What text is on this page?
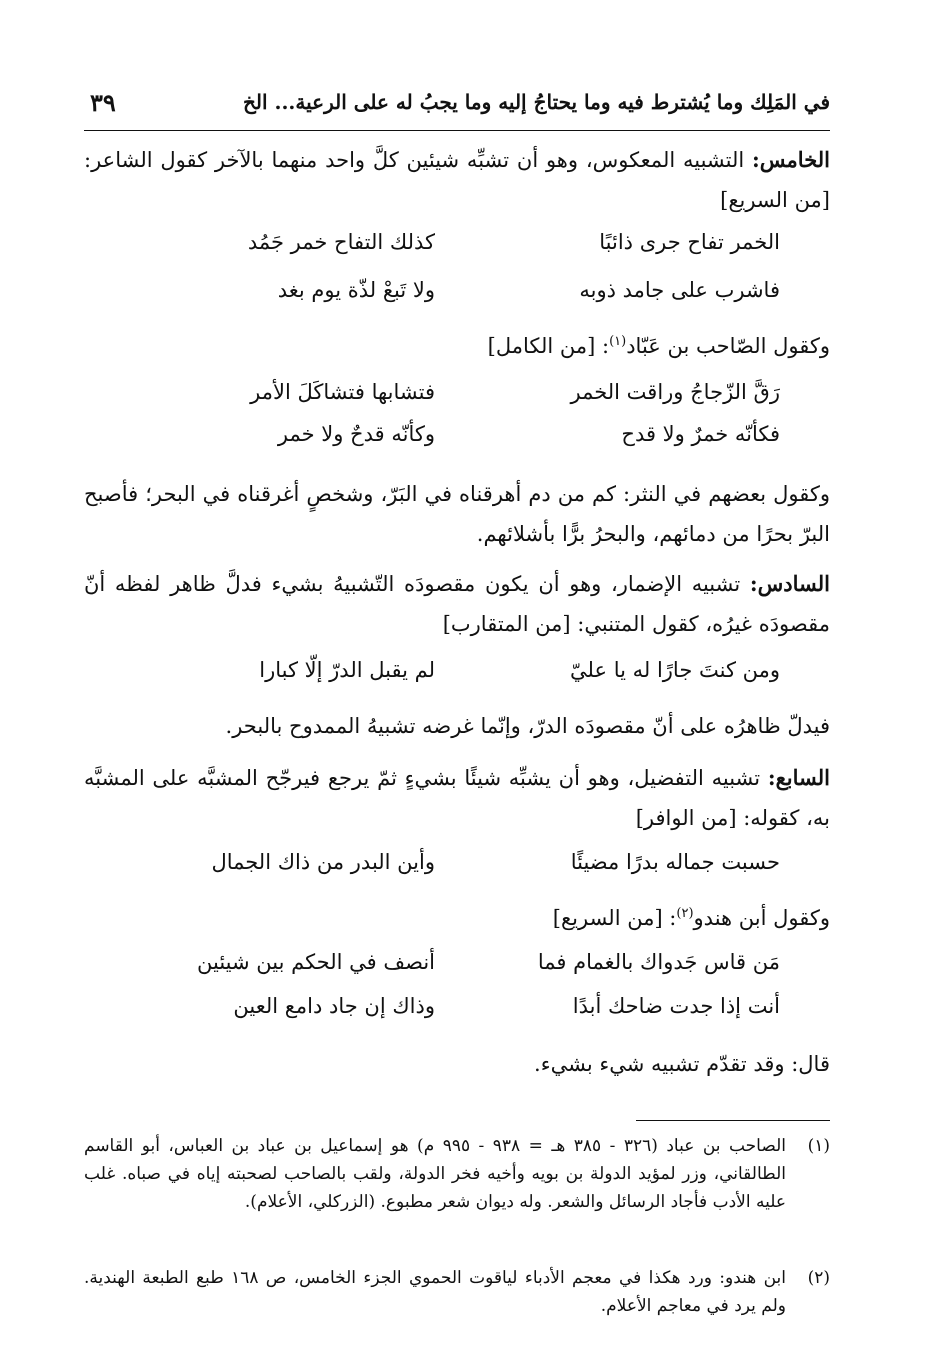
٣٩	في المَلِك وما يُشترط فيه وما يحتاجُ إليه وما يجبُ له على الرعية... الخ

الخامس: التشبيه المعكوس، وهو أن تشبِّه شيئين كلَّ واحد منهما بالآخر كقول الشاعر: [من السريع]

الخمر تفاح جرى ذائبًا
كذلك التفاح خمر جَمُد
فاشرب على جامد ذوبه
ولا تَبعْ لذّة يوم بغد

وكقول الصّاحب بن عَبّاد$^{(١)}$: [من الكامل]

رَقَّ الزّجاجُ وراقت الخمر
فتشابها فتشاكَلَ الأمر
فكأنّه خمرٌ ولا قدح
وكأنّه قدحٌ ولا خمر

وكقول بعضهم في النثر: كم من دم أهرقناه في البَرّ، وشخصٍ أغرقناه في البحر؛ فأصبح البرّ بحرًا من دمائهم، والبحرُ برًّا بأشلائهم.

السادس: تشبيه الإضمار، وهو أن يكون مقصودَه التّشبيهُ بشيء فدلَّ ظاهر لفظه أنّ مقصودَه غيرُه، كقول المتنبي: [من المتقارب]

ومن كنتَ جارًا له يا عليّ
لم يقبل الدرّ إلّا كبارا

فيدلّ ظاهرُه على أنّ مقصودَه الدرّ، وإنّما غرضه تشبيهُ الممدوح بالبحر.

السابع: تشبيه التفضيل، وهو أن يشبِّه شيئًا بشيءٍ ثمّ يرجع فيرجّح المشبَّه على المشبَّه به، كقوله: [من الوافر]

حسبت جماله بدرًا مضيئًا
وأين البدر من ذاك الجمال

وكقول أبن هندو$^{(٢)}$: [من السريع]

مَن قاس جَدواك بالغمام فما
أنصف في الحكم بين شيئين
أنت إذا جدت ضاحك أبدًا
وذاك إن جاد دامع العين

قال: وقد تقدّم تشبيه شيء بشيء.

(١)
الصاحب بن عباد (٣٢٦ - ٣٨٥ هـ = ٩٣٨ - ٩٩٥ م) هو إسماعيل بن عباد بن العباس، أبو القاسم الطالقاني، وزر لمؤيد الدولة بن بويه وأخيه فخر الدولة، ولقب بالصاحب لصحبته إياه في صباه. غلب عليه الأدب فأجاد الرسائل والشعر. وله ديوان شعر مطبوع. (الزركلي، الأعلام).
(٢)
ابن هندو: ورد هكذا في معجم الأدباء لياقوت الحموي الجزء الخامس، ص ١٦٨ طبع الطبعة الهندية. ولم يرد في معاجم الأعلام.
